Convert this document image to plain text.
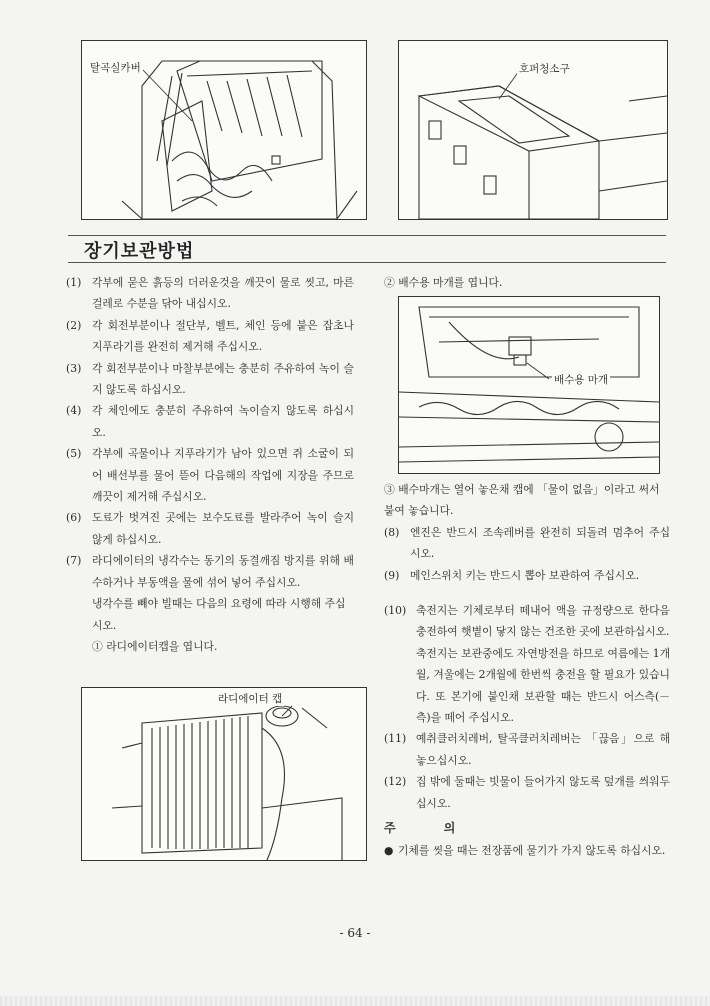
탈곡실카버	호퍼청소구
장기보관방법
(1) 각부에 묻은 흙등의 더러운것을 깨끗이 물로 씻고, 마른 걸레로 수분을 닦아 내십시오.
(2) 각 회전부분이나 절단부, 벨트, 체인 등에 붙은 잡초나 지푸라기를 완전히 제거해 주십시오.
(3) 각 회전부분이나 마찰부분에는 충분히 주유하여 녹이 슬지 않도록 하십시오.
(4) 각 체인에도 충분히 주유하여 녹이슬지 않도록 하십시오.
(5) 각부에 곡물이나 지푸라기가 남아 있으면 쥐 소굴이 되어 배선부를 물어 뜯어 다음해의 작업에 지장을 주므로 깨끗이 제거해 주십시오.
(6) 도료가 벗겨진 곳에는 보수도료를 발라주어 녹이 슬지 않게 하십시오.
(7) 라디에이터의 냉각수는 동기의 동결깨짐 방지를 위해 배수하거나 부동액을 물에 섞어 넣어 주십시오.
냉각수를 빼야 빌때는 다음의 요령에 따라 시행해 주십시오.
① 라디에이터캡을 엽니다.
라디에이터 캡
② 배수용 마개를 엽니다.
배수용 마개
③ 배수마개는 열어 놓은채 캡에 「물이 없음」이라고 써서 붙여 놓습니다.
(8) 엔진은 반드시 조속레버를 완전히 되돌려 멈추어 주십시오.
(9) 메인스위치 키는 반드시 뽑아 보관하여 주십시오.
(10) 축전지는 기체로부터 떼내어 액을 규정량으로 한다음 충전하여 햇볕이 닿지 않는 건조한 곳에 보관하십시오.
축전지는 보관중에도 자연방전을 하므로 여름에는 1개월, 겨울에는 2개월에 한번씩 충전을 할 필요가 있습니다. 또 본기에 붙인채 보관할 때는 반드시 어스측(－측)을 떼어 주십시오.
(11) 예취클러치레버, 탈곡클러치레버는 「끊음」으로 해 놓으십시오.
(12) 집 밖에 둘때는 빗물이 들어가지 않도록 덮개를 씌워두십시오.
주 의
● 기체를 씻을 때는 전장품에 물기가 가지 않도록 하십시오.
- 64 -
